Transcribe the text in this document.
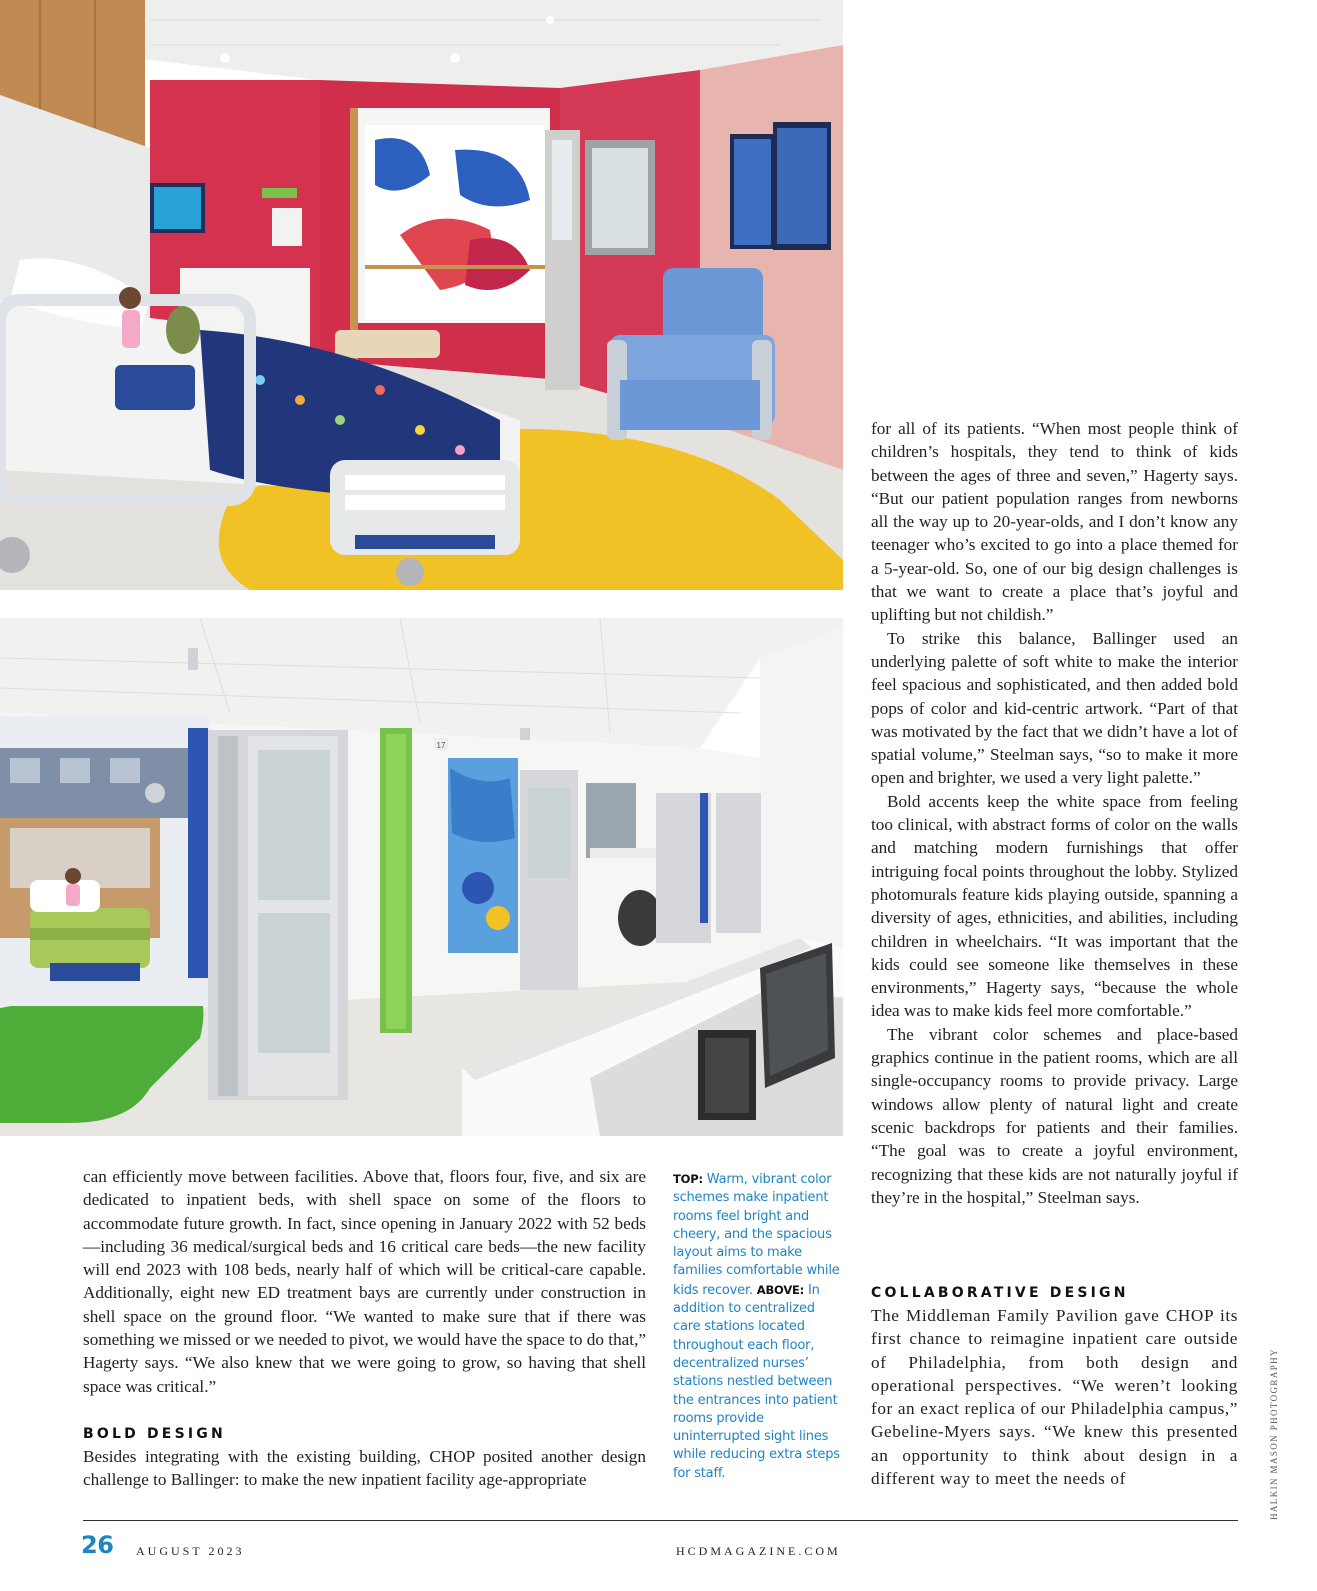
17

for all of its patients. “When most people think of children’s hospitals, they tend to think of kids between the ages of three and seven,” Hagerty says. “But our patient population ranges from newborns all the way up to 20-year-olds, and I don’t know any teenager who’s excited to go into a place themed for a 5-year-old. So, one of our big design challenges is that we want to create a place that’s joyful and uplifting but not childish.”

To strike this balance, Ballinger used an underlying palette of soft white to make the interior feel spacious and sophisticated, and then added bold pops of color and kid-centric artwork. “Part of that was motivated by the fact that we didn’t have a lot of spatial volume,” Steelman says, “so to make it more open and brighter, we used a very light palette.”

Bold accents keep the white space from feeling too clinical, with abstract forms of color on the walls and matching modern furnishings that offer intriguing focal points throughout the lobby. Stylized photomurals feature kids playing outside, spanning a diversity of ages, ethnicities, and abilities, including children in wheelchairs. “It was important that the kids could see someone like themselves in these environments,” Hagerty says, “because the whole idea was to make kids feel more comfortable.”

The vibrant color schemes and place-based graphics continue in the patient rooms, which are all single-occupancy rooms to provide privacy. Large windows allow plenty of natural light and create scenic backdrops for patients and their families. “The goal was to create a joyful environment, recognizing that these kids are not naturally joyful if they’re in the hospital,” Steelman says.

can efficiently move between facilities. Above that, floors four, five, and six are dedicated to inpatient beds, with shell space on some of the floors to accommodate future growth. In fact, since opening in January 2022 with 52 beds—including 36 medical/surgical beds and 16 critical care beds—the new facility will end 2023 with 108 beds, nearly half of which will be critical-care capable. Additionally, eight new ED treatment bays are currently under construction in shell space on the ground floor. “We wanted to make sure that if there was something we missed or we needed to pivot, we would have the space to do that,” Hagerty says. “We also knew that we were going to grow, so having that shell space was critical.”

BOLD DESIGN

Besides integrating with the existing building, CHOP posited another design challenge to Ballinger: to make the new inpatient facility age-appropriate

TOP: Warm, vibrant color schemes make inpatient rooms feel bright and cheery, and the spacious layout aims to make families comfortable while kids recover. ABOVE: In addition to centralized care stations located throughout each floor, decentralized nurses’ stations nestled between the entrances into patient rooms provide uninterrupted sight lines while reducing extra steps for staff.
COLLABORATIVE DESIGN

The Middleman Family Pavilion gave CHOP its first chance to reimagine inpatient care outside of Philadelphia, from both design and operational perspectives. “We weren’t looking for an exact replica of our Philadelphia campus,” Gebeline-Myers says. “We knew this presented an opportunity to think about design in a different way to meet the needs of	HALKIN MASON PHOTOGRAPHY
26 AUGUST 2023	HCDMAGAZINE.COM
